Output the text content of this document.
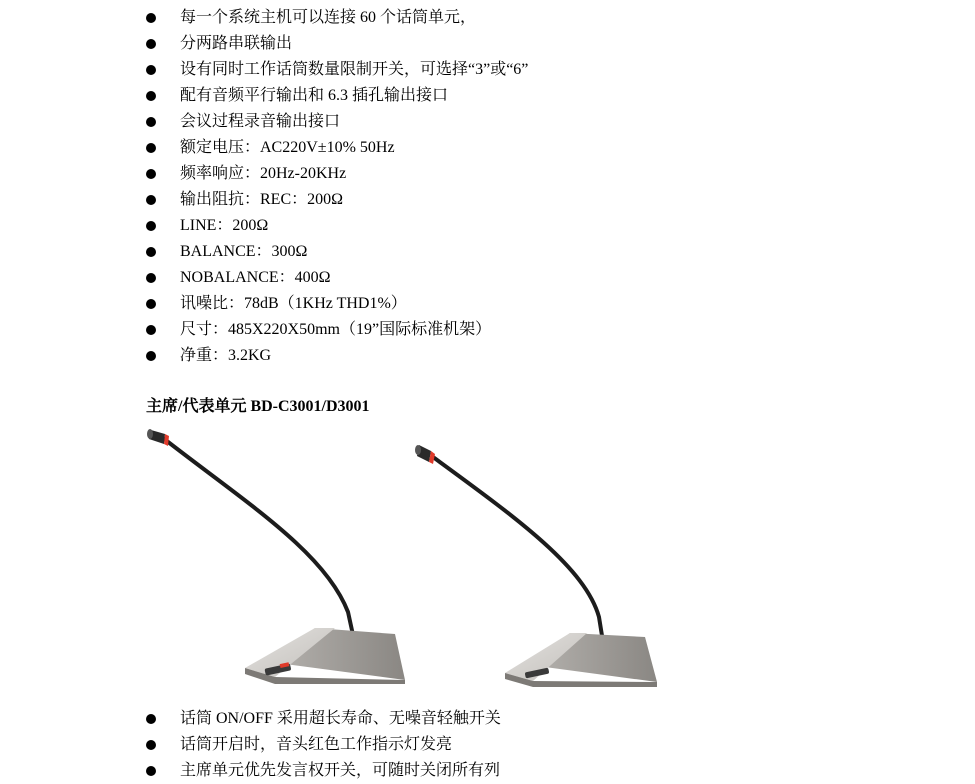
每一个系统主机可以连接 60 个话筒单元，
分两路串联输出
设有同时工作话筒数量限制开关，可选择“3”或“6”
配有音频平行输出和 6.3 插孔输出接口
会议过程录音输出接口
额定电压：AC220V±10% 50Hz
频率响应：20Hz-20KHz
输出阻抗：REC：200Ω
LINE：200Ω
BALANCE：300Ω
NOBALANCE：400Ω
讯噪比：78dB（1KHz THD1%）
尺寸：485X220X50mm（19”国际标准机架）
净重：3.2KG
主席/代表单元 BD-C3001/D3001
话筒 ON/OFF 采用超长寿命、无噪音轻触开关
话筒开启时，音头红色工作指示灯发亮
主席单元优先发言权开关，可随时关闭所有列
